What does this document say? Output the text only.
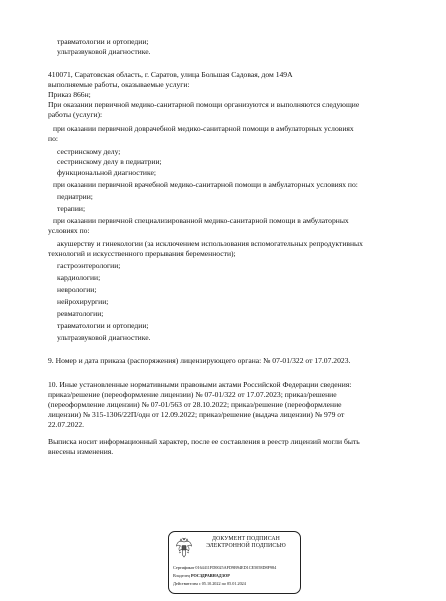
травматологии и ортопедии;
ультразвуковой диагностике.
410071, Саратовская область, г. Саратов, улица Большая Садовая, дом 149А
выполняемые работы, оказываемые услуги:
Приказ 866н;
При оказании первичной медико-санитарной помощи организуются и выполняются следующие
работы (услуги):
при оказании первичной доврачебной медико-санитарной помощи в амбулаторных условиях
по:
сестринскому делу;
сестринскому делу в педиатрии;
функциональной диагностике;
при оказании первичной врачебной медико-санитарной помощи в амбулаторных условиях по:
педиатрии;
терапии;
при оказании первичной специализированной медико-санитарной помощи в амбулаторных
условиях по:
акушерству и гинекологии (за исключением использования вспомогательных репродуктивных
технологий и искусственного прерывания беременности);
гастроэнтерологии;
кардиологии;
неврологии;
нейрохирургии;
ревматологии;
травматологии и ортопедии;
ультразвуковой диагностике.
9. Номер и дата приказа (распоряжения) лицензирующего органа: № 07-01/322 от 17.07.2023.
10. Иные установленные нормативными правовыми актами Российской Федерации сведения:
приказ/решение (переоформление лицензии) № 07-01/322 от 17.07.2023; приказ/решение
(переоформление лицензии) № 07-01/563 от 28.10.2022; приказ/решение (переоформление
лицензии) № 315-1306/22П/одн от 12.09.2022; приказ/решение (выдача лицензии) № 979 от
22.07.2022.
Выписка носит информационный характер, после ее составления в реестр лицензий могли быть
внесены изменения.
ДОКУМЕНТ ПОДПИСАН
ЭЛЕКТРОННОЙ ПОДПИСЬЮ
Сертификат 0164411FD0025AFD9B94ED1CE5058D8F984
Владелец РОСЗДРАВНАДЗОР
Действителен с 05.10.2022 по 05.01.2024
